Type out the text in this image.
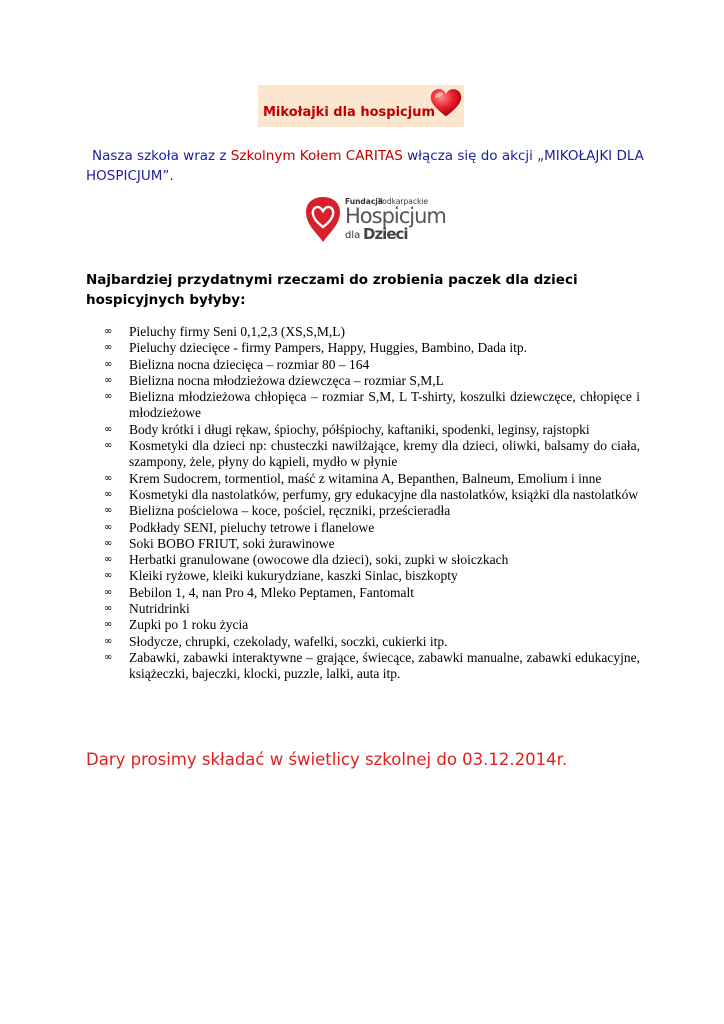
Mikołajki dla hospicjum
Nasza szkoła wraz z Szkolnym Kołem CARITAS włącza się do akcji „MIKOŁAJKI DLA HOSPICJUM”.
Fundacja
Podkarpackie
Hospicjum
dla Dzieci
Najbardziej przydatnymi rzeczami do zrobienia paczek dla dzieci hospicyjnych byłyby:
∞ Pieluchy firmy Seni 0,1,2,3 (XS,S,M,L)
∞ Pieluchy dziecięce - firmy Pampers, Happy, Huggies, Bambino, Dada itp.
∞ Bielizna nocna dziecięca – rozmiar 80 – 164
∞ Bielizna nocna młodzieżowa dziewczęca – rozmiar S,M,L
∞ Bielizna młodzieżowa chłopięca – rozmiar S,M, L T-shirty, koszulki dziewczęce, chłopięce i młodzieżowe
∞ Body krótki i długi rękaw, śpiochy, półśpiochy, kaftaniki, spodenki, leginsy, rajstopki
∞ Kosmetyki dla dzieci np: chusteczki nawilżające, kremy dla dzieci, oliwki, balsamy do ciała, szampony, żele, płyny do kąpieli, mydło w płynie
∞ Krem Sudocrem, tormentiol, maść z witamina A, Bepanthen, Balneum, Emolium i inne
∞ Kosmetyki dla nastolatków, perfumy, gry edukacyjne dla nastolatków, książki dla nastolatków
∞ Bielizna pościelowa – koce, pościel, ręczniki, prześcieradła
∞ Podkłady SENI, pieluchy tetrowe i flanelowe
∞ Soki BOBO FRIUT, soki żurawinowe
∞ Herbatki granulowane (owocowe dla dzieci), soki, zupki w słoiczkach
∞ Kleiki ryżowe, kleiki kukurydziane, kaszki Sinlac, biszkopty
∞ Bebilon 1, 4, nan Pro 4, Mleko Peptamen, Fantomalt
∞ Nutridrinki
∞ Zupki po 1 roku życia
∞ Słodycze, chrupki, czekolady, wafelki, soczki, cukierki itp.
∞ Zabawki, zabawki interaktywne – grające, świecące, zabawki manualne, zabawki edukacyjne, książeczki, bajeczki, klocki, puzzle, lalki, auta itp.
Dary prosimy składać w świetlicy szkolnej do 03.12.2014r.
